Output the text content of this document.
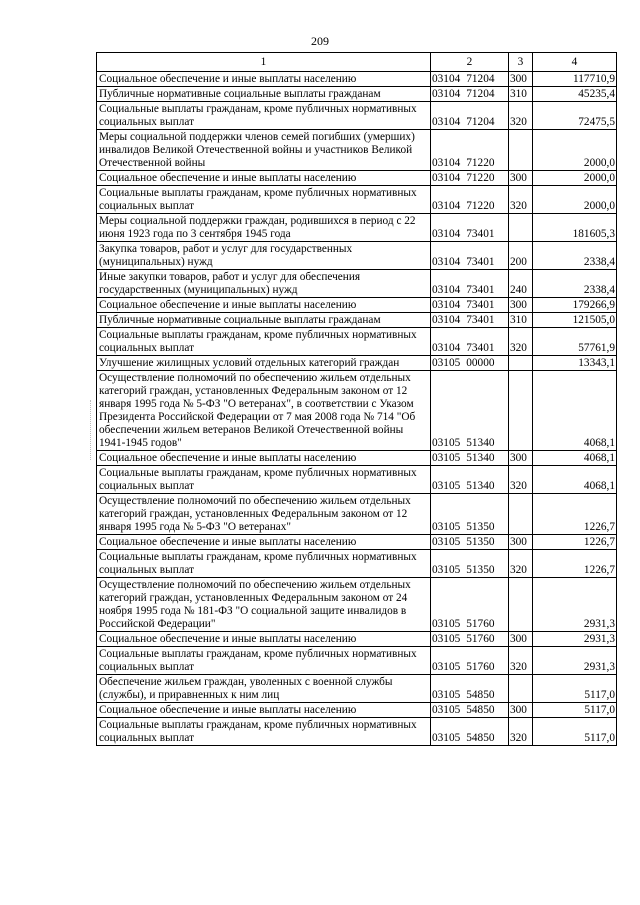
209
1	2	3	4
Социальное обеспечение и иные выплаты населению	03104 71204	300	117710,9
Публичные нормативные социальные выплаты гражданам	03104 71204	310	45235,4
Социальные выплаты гражданам, кроме публичных нормативных социальных выплат	03104 71204	320	72475,5
Меры социальной поддержки членов семей погибших (умерших) инвалидов Великой Отечественной войны и участников Великой Отечественной войны	03104 71220		2000,0
Социальное обеспечение и иные выплаты населению	03104 71220	300	2000,0
Социальные выплаты гражданам, кроме публичных нормативных социальных выплат	03104 71220	320	2000,0
Меры социальной поддержки граждан, родившихся в период с 22 июня 1923 года по 3 сентября 1945 года	03104 73401		181605,3
Закупка товаров, работ и услуг для государственных (муниципальных) нужд	03104 73401	200	2338,4
Иные закупки товаров, работ и услуг для обеспечения государственных (муниципальных) нужд	03104 73401	240	2338,4
Социальное обеспечение и иные выплаты населению	03104 73401	300	179266,9
Публичные нормативные социальные выплаты гражданам	03104 73401	310	121505,0
Социальные выплаты гражданам, кроме публичных нормативных социальных выплат	03104 73401	320	57761,9
Улучшение жилищных условий отдельных категорий граждан	03105 00000		13343,1
Осуществление полномочий по обеспечению жильем отдельных категорий граждан, установленных Федеральным законом от 12 января 1995 года № 5-ФЗ "О ветеранах", в соответствии с Указом Президента Российской Федерации от 7 мая 2008 года № 714 "Об обеспечении жильем ветеранов Великой Отечественной войны 1941-1945 годов"	03105 51340		4068,1
Социальное обеспечение и иные выплаты населению	03105 51340	300	4068,1
Социальные выплаты гражданам, кроме публичных нормативных социальных выплат	03105 51340	320	4068,1
Осуществление полномочий по обеспечению жильем отдельных категорий граждан, установленных Федеральным законом от 12 января 1995 года № 5-ФЗ "О ветеранах"	03105 51350		1226,7
Социальное обеспечение и иные выплаты населению	03105 51350	300	1226,7
Социальные выплаты гражданам, кроме публичных нормативных социальных выплат	03105 51350	320	1226,7
Осуществление полномочий по обеспечению жильем отдельных категорий граждан, установленных Федеральным законом от 24 ноября 1995 года № 181-ФЗ "О социальной защите инвалидов в Российской Федерации"	03105 51760		2931,3
Социальное обеспечение и иные выплаты населению	03105 51760	300	2931,3
Социальные выплаты гражданам, кроме публичных нормативных социальных выплат	03105 51760	320	2931,3
Обеспечение жильем граждан, уволенных с военной службы (службы), и приравненных к ним лиц	03105 54850		5117,0
Социальное обеспечение и иные выплаты населению	03105 54850	300	5117,0
Социальные выплаты гражданам, кроме публичных нормативных социальных выплат	03105 54850	320	5117,0
